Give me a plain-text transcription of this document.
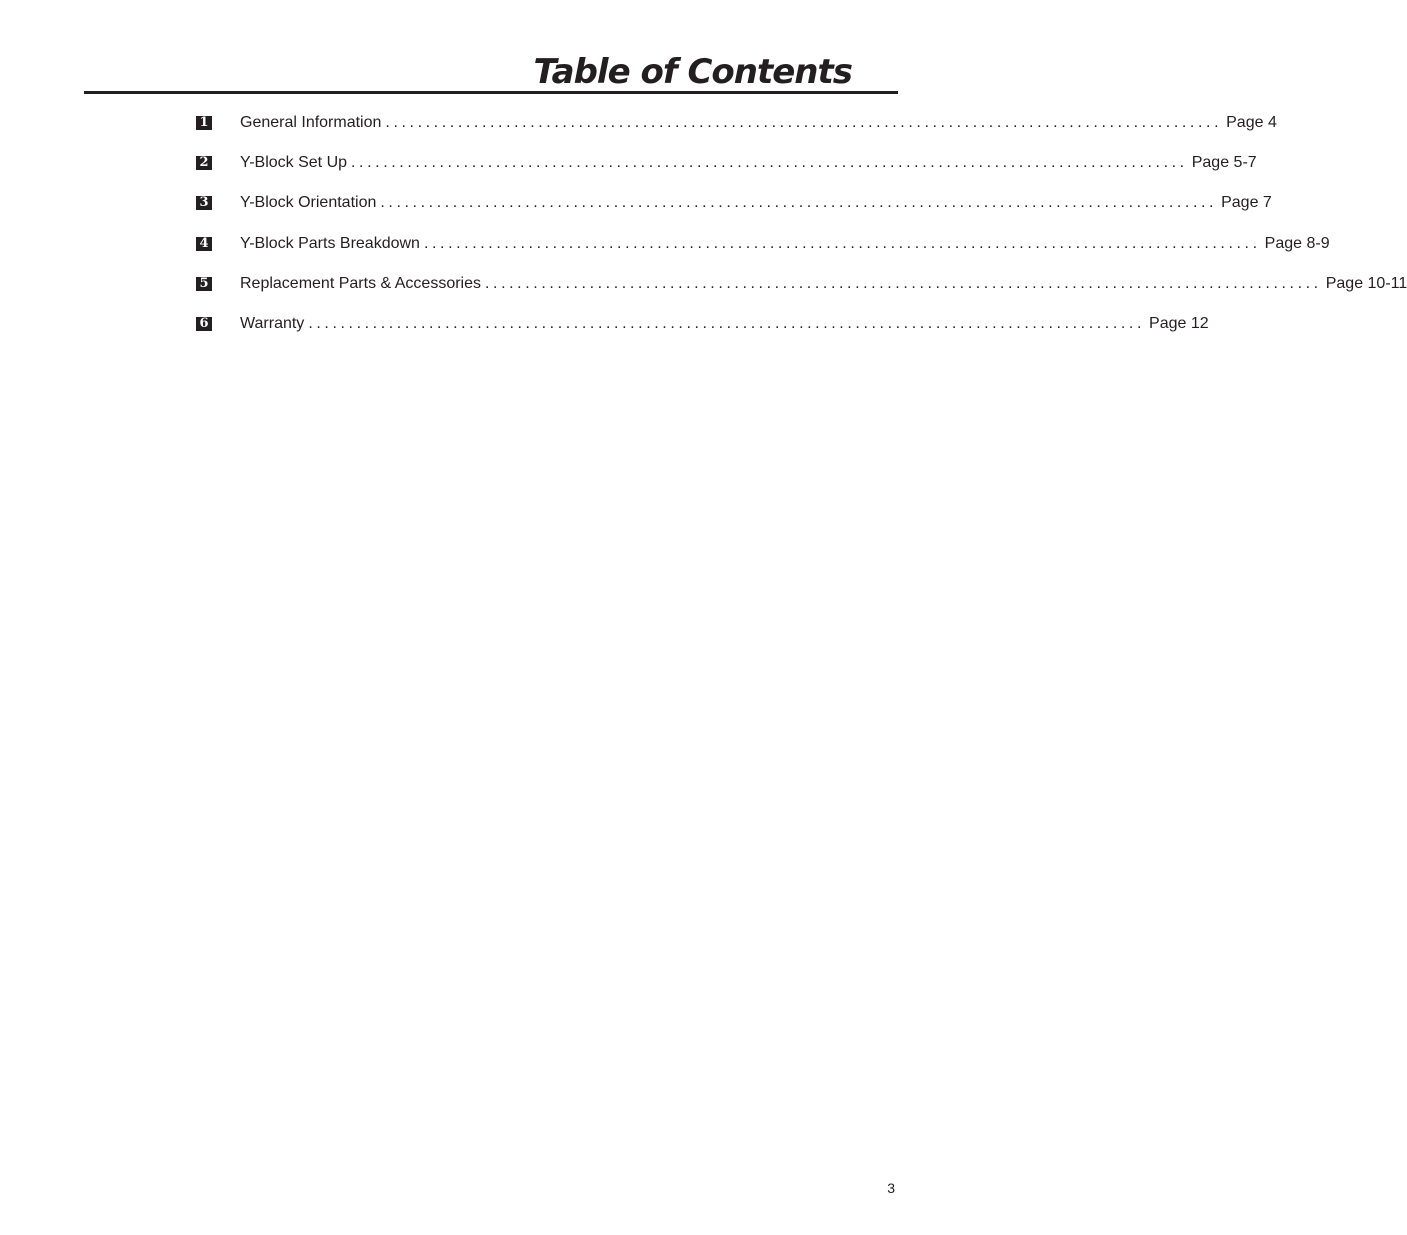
Table of Contents
1 General Information ........................................................................................................ Page 4
2 Y-Block Set Up ........................................................................................................ Page 5-7
3 Y-Block Orientation ........................................................................................................ Page 7
4 Y-Block Parts Breakdown ........................................................................................................ Page 8-9
5 Replacement Parts & Accessories ........................................................................................................ Page 10-11
6 Warranty ........................................................................................................ Page 12
3
